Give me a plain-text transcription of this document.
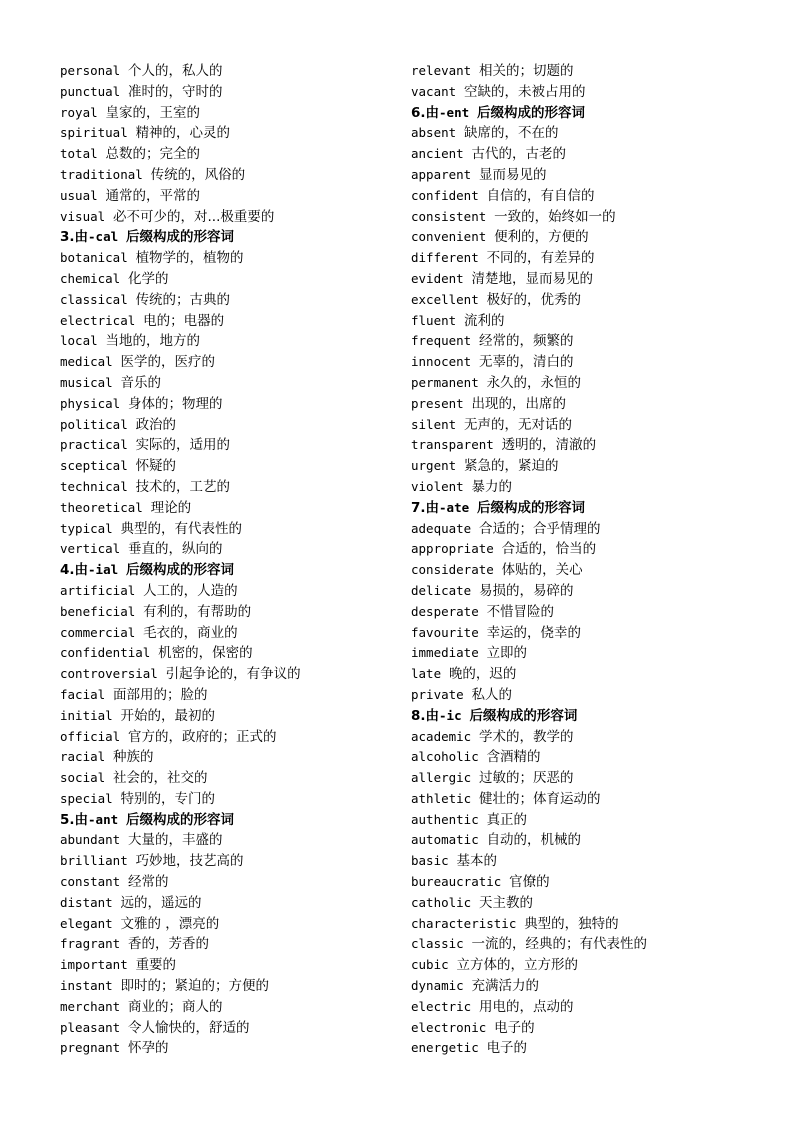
personal 个人的，私人的
punctual 准时的，守时的
royal 皇家的，王室的
spiritual 精神的，心灵的
total 总数的；完全的
traditional 传统的，风俗的
usual 通常的，平常的
visual 必不可少的，对...极重要的
3.由-cal 后缀构成的形容词
botanical 植物学的，植物的
chemical 化学的
classical 传统的；古典的
electrical 电的；电器的
local 当地的，地方的
medical 医学的，医疗的
musical 音乐的
physical 身体的；物理的
political 政治的
practical 实际的，适用的
sceptical 怀疑的
technical 技术的，工艺的
theoretical 理论的
typical 典型的，有代表性的
vertical 垂直的，纵向的
4.由-ial 后缀构成的形容词
artificial 人工的，人造的
beneficial 有利的，有帮助的
commercial 毛衣的，商业的
confidential 机密的，保密的
controversial 引起争论的，有争议的
facial 面部用的；脸的
initial 开始的，最初的
official 官方的，政府的；正式的
racial 种族的
social 社会的，社交的
special 特别的，专门的
5.由-ant 后缀构成的形容词
abundant 大量的，丰盛的
brilliant 巧妙地，技艺高的
constant 经常的
distant 远的，遥远的
elegant 文雅的 ，漂亮的
fragrant 香的，芳香的
important 重要的
instant 即时的；紧迫的；方便的
merchant 商业的；商人的
pleasant 令人愉快的，舒适的
pregnant 怀孕的
relevant 相关的；切题的
vacant 空缺的，未被占用的
6.由-ent 后缀构成的形容词
absent 缺席的，不在的
ancient 古代的，古老的
apparent 显而易见的
confident 自信的，有自信的
consistent 一致的，始终如一的
convenient 便利的，方便的
different 不同的，有差异的
evident 清楚地，显而易见的
excellent 极好的，优秀的
fluent 流利的
frequent 经常的，频繁的
innocent 无辜的，清白的
permanent 永久的，永恒的
present 出现的，出席的
silent 无声的，无对话的
transparent 透明的，清澈的
urgent 紧急的，紧迫的
violent 暴力的
7.由-ate 后缀构成的形容词
adequate 合适的；合乎情理的
appropriate 合适的，恰当的
considerate 体贴的，关心
delicate 易损的，易碎的
desperate 不惜冒险的
favourite 幸运的，侥幸的
immediate 立即的
late 晚的，迟的
private 私人的
8.由-ic 后缀构成的形容词
academic 学术的，教学的
alcoholic 含酒精的
allergic 过敏的；厌恶的
athletic 健壮的；体育运动的
authentic 真正的
automatic 自动的，机械的
basic 基本的
bureaucratic 官僚的
catholic 天主教的
characteristic 典型的，独特的
classic 一流的，经典的；有代表性的
cubic 立方体的，立方形的
dynamic 充满活力的
electric 用电的，点动的
electronic 电子的
energetic 电子的
